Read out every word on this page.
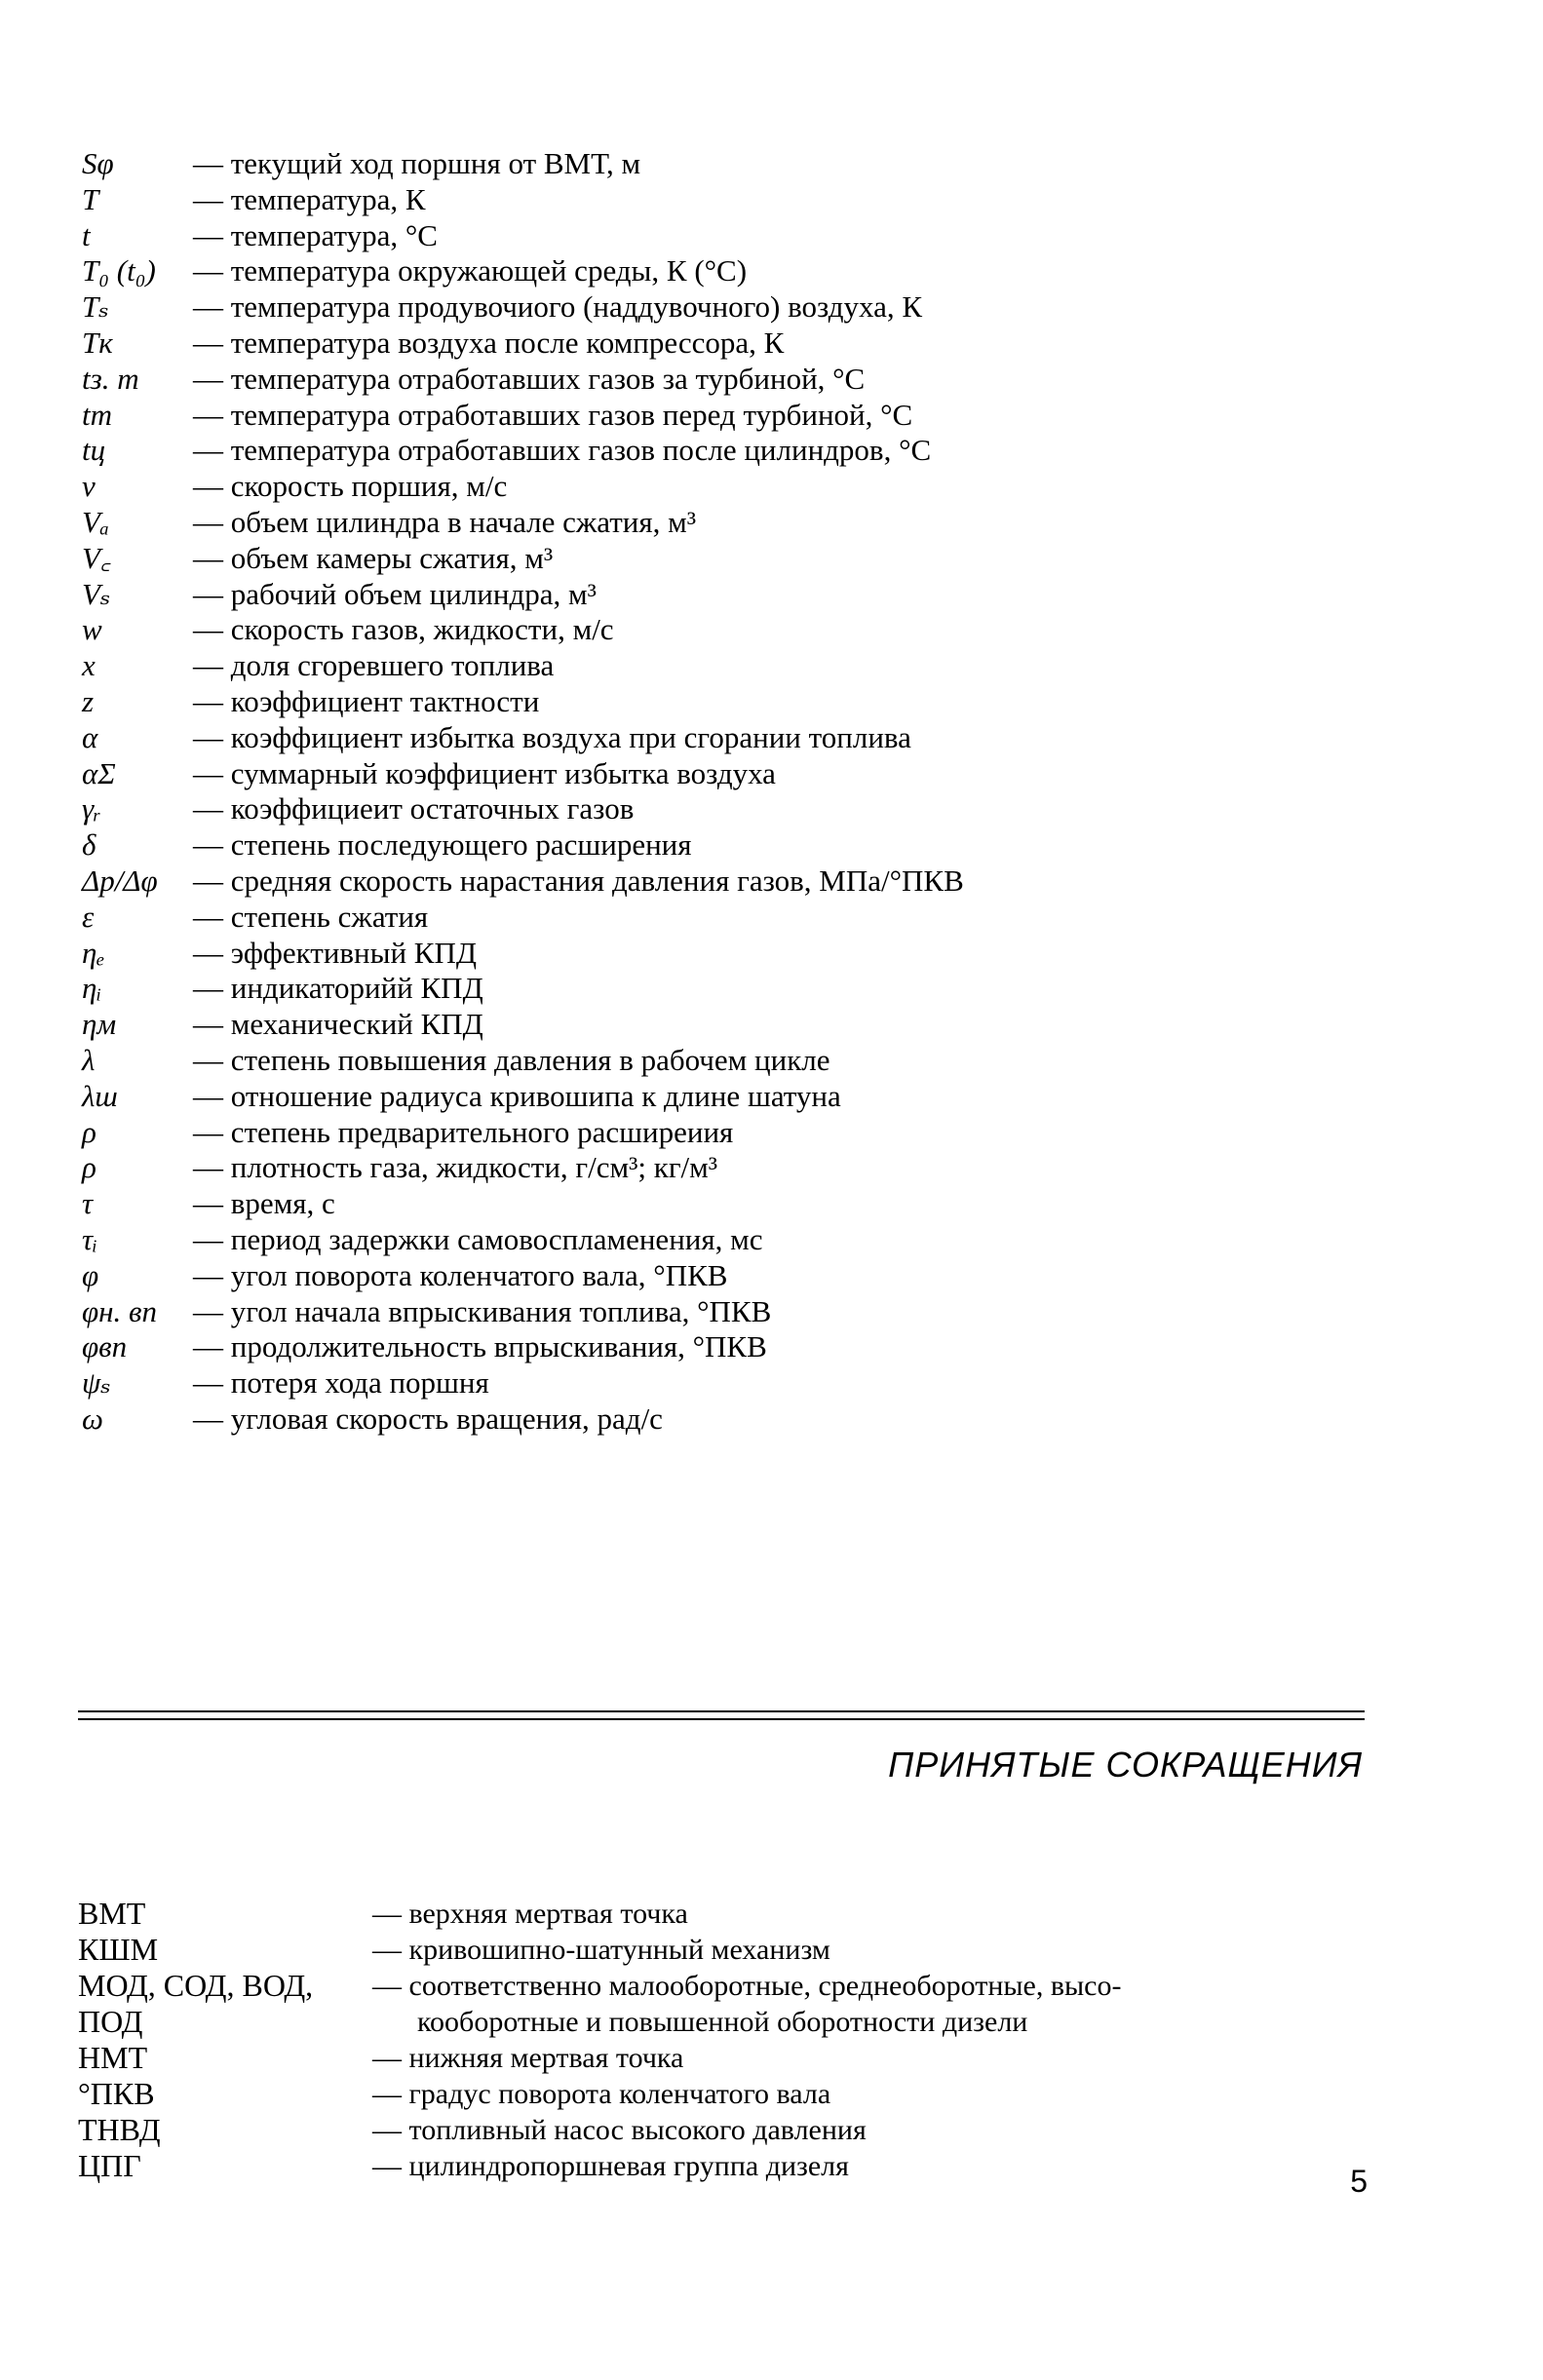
Sφ	— текущий ход поршня от ВМТ, м
T	— температура, К
t	— температура, °С
T₀ (t₀) — температура окружающей среды, К (°С)
Tₛ	— температура продувочиого (наддувочного) воздуха, К
Tк	— температура воздуха после компрессора, К
tз. т — температура отработавших газов за турбиной, °С
tт	— температура отработавших газов перед турбиной, °С
tц	— температура отработавших газов после цилиндров, °С
v	— скорость поршия, м/с
Vₐ	— объем цилиндра в начале сжатия, м³
V꜀	— объем камеры сжатия, м³
Vₛ	— рабочий объем цилиндра, м³
w	— скорость газов, жидкости, м/с
x	— доля сгоревшего топлива
z	— коэффициент тактности
α	— коэффициент избытка воздуха при сгорании топлива
αΣ	— суммарный коэффициент избытка воздуха
γᵣ	— коэффициеит остаточных газов
δ	— степень последующего расширения
Δp/Δφ — средняя скорость нарастания давления газов, МПа/°ПКВ
ε	— степень сжатия
ηₑ	— эффективный КПД
ηᵢ	— индикаторийй КПД
ηм	— механический КПД
λ	— степень повышения давления в рабочем цикле
λш — отношение радиуса кривошипа к длине шатуна
ρ	— степень предварительного расширеиия
ρ	— плотность газа, жидкости, г/см³; кг/м³
τ	— время, с
τᵢ	— период задержки самовоспламенения, мс
φ	— угол поворота коленчатого вала, °ПКВ
φн. вп — угол начала впрыскивания топлива, °ПКВ
φвп — продолжительность впрыскивания, °ПКВ
ψₛ	— потеря хода поршня
ω	— угловая скорость вращения, рад/с
ПРИНЯТЫЕ СОКРАЩЕНИЯ
ВМТ	— верхняя мертвая точка
КШМ	— кривошипно-шатунный механизм
МОД, СОД, ВОД, — соответственно малооборотные, среднеоборотные, высо-
ПОД	кооборотные и повышенной оборотности дизели
НМТ	— нижняя мертвая точка
°ПКВ	— градус поворота коленчатого вала
ТНВД	— топливный насос высокого давления
ЦПГ	— цилиндропоршневая группа дизеля	5
